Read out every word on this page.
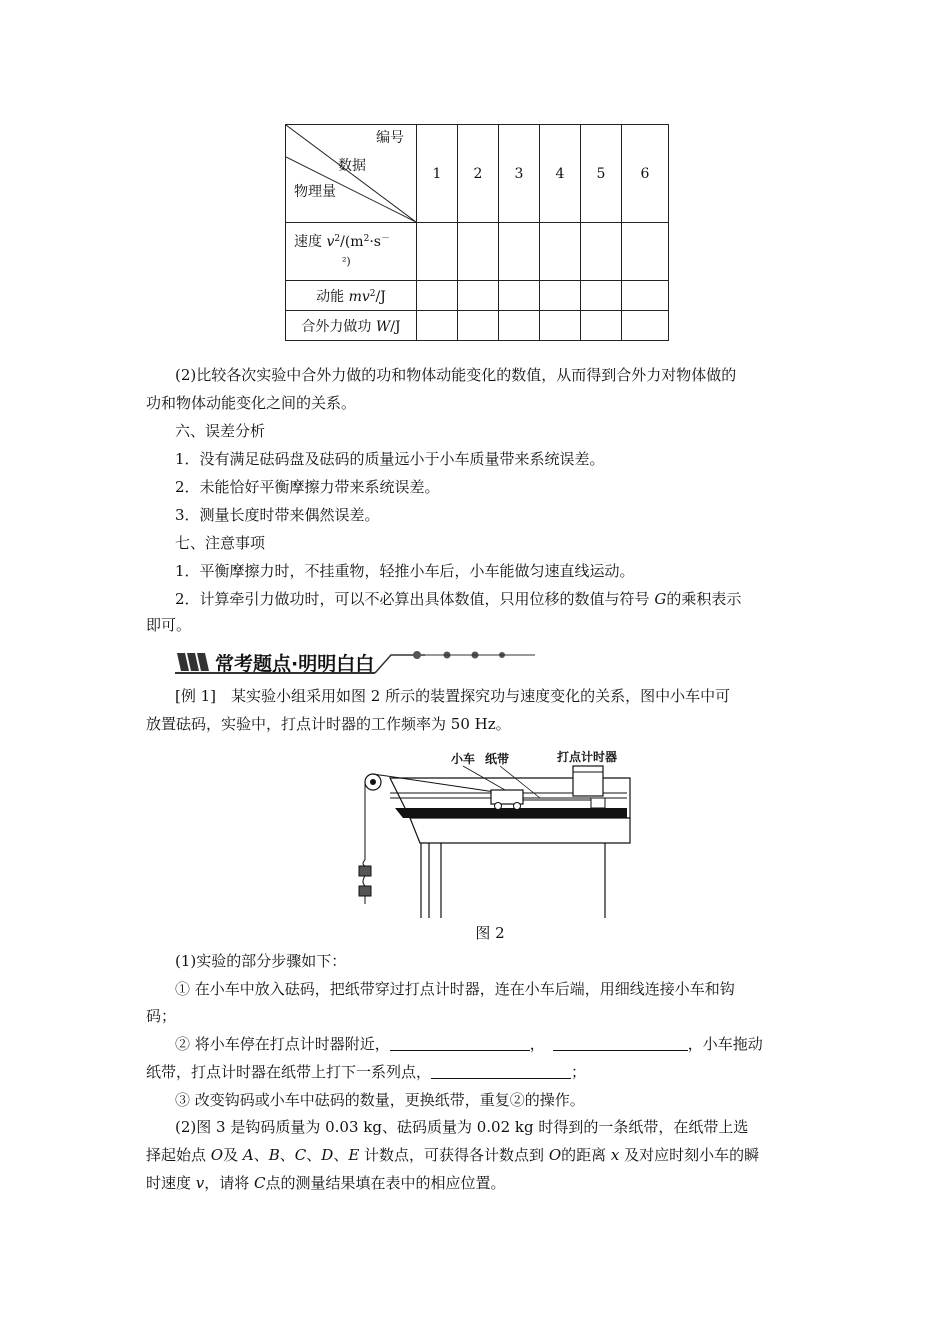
编号
数据
物理量	1	2	3	4	5	6

速度 $v^2/(m^2\cdot s^-$
²)						

动能 $mv^2/J$						
合外力做功 W/J						
(2)比较各次实验中合外力做的功和物体动能变化的数值，从而得到合外力对物体做的
功和物体动能变化之间的关系。
六、误差分析
1．没有满足砝码盘及砝码的质量远小于小车质量带来系统误差。
2．未能恰好平衡摩擦力带来系统误差。
3．测量长度时带来偶然误差。
七、注意事项
1．平衡摩擦力时，不挂重物，轻推小车后，小车能做匀速直线运动。
2．计算牵引力做功时，可以不必算出具体数值，只用位移的数值与符号 G的乘积表示
即可。
常考题点·明明白白
[例 1]　某实验小组采用如图 2 所示的装置探究功与速度变化的关系，图中小车中可
放置砝码，实验中，打点计时器的工作频率为 50 Hz。
小车 纸带	打点计时器
图 2
(1)实验的部分步骤如下：
① 在小车中放入砝码，把纸带穿过打点计时器，连在小车后端，用细线连接小车和钩
码；
② 将小车停在打点计时器附近，	，	，小车拖动
纸带，打点计时器在纸带上打下一系列点，	；
③ 改变钩码或小车中砝码的数量，更换纸带，重复②的操作。
(2)图 3 是钩码质量为 0.03 kg、砝码质量为 0.02 kg 时得到的一条纸带，在纸带上选
择起始点 O及 A、B、C、D、E 计数点，可获得各计数点到 O的距离 x 及对应时刻小车的瞬
时速度 v，请将 C点的测量结果填在表中的相应位置。
